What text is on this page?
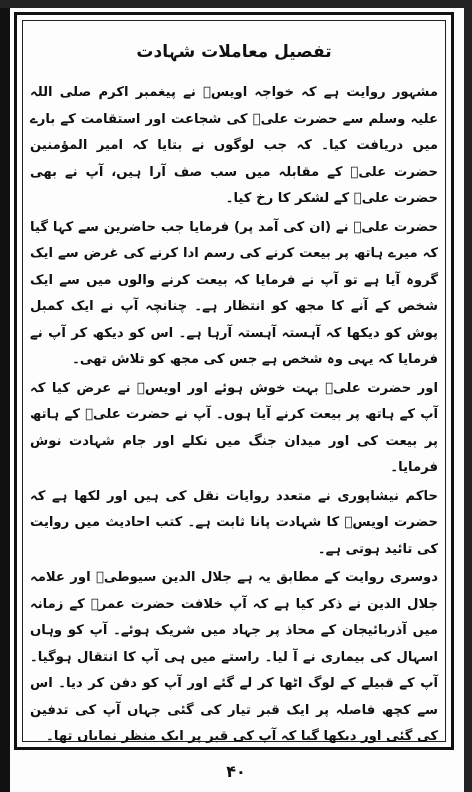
تفصیل معاملات شہادت

مشہور روایت ہے کہ خواجہ اویسؓ نے پیغمبر اکرم صلی اللہ علیہ وسلم سے حضرت علیؓ کی شجاعت اور استقامت کے بارے میں دریافت کیا۔ کہ جب لوگوں نے بتایا کہ امیر المؤمنین حضرت علیؓ کے مقابلہ میں سب صف آرا ہیں، آپ نے بھی حضرت علیؓ کے لشکر کا رخ کیا۔

حضرت علیؓ نے (ان کی آمد پر) فرمایا جب حاضرین سے کہا گیا کہ میرے ہاتھ پر بیعت کرنے کی رسم ادا کرنے کی غرض سے ایک گروہ آیا ہے تو آپ نے فرمایا کہ بیعت کرنے والوں میں سے ایک شخص کے آنے کا مجھ کو انتظار ہے۔ چنانچہ آپ نے ایک کمبل پوش کو دیکھا کہ آہستہ آہستہ آرہا ہے۔ اس کو دیکھ کر آپ نے فرمایا کہ یہی وہ شخص ہے جس کی مجھ کو تلاش تھی۔

اور حضرت علیؓ بہت خوش ہوئے اور اویسؓ نے عرض کیا کہ آپ کے ہاتھ پر بیعت کرنے آیا ہوں۔ آپ نے حضرت علیؓ کے ہاتھ پر بیعت کی اور میدان جنگ میں نکلے اور جام شہادت نوش فرمایا۔

حاکم نیشاپوری نے متعدد روایات نقل کی ہیں اور لکھا ہے کہ حضرت اویسؓ کا شہادت پانا ثابت ہے۔ کتب احادیث میں روایت کی تائید ہوتی ہے۔

دوسری روایت کے مطابق یہ ہے جلال الدین سیوطیؒ اور علامہ جلال الدین نے ذکر کیا ہے کہ آپ خلافت حضرت عمرؓ کے زمانہ میں آذربائیجان کے محاذ پر جہاد میں شریک ہوئے۔ آپ کو وہاں اسہال کی بیماری نے آ لیا۔ راستے میں ہی آپ کا انتقال ہوگیا۔ آپ کے قبیلے کے لوگ اٹھا کر لے گئے اور آپ کو دفن کر دیا۔ اس سے کچھ فاصلہ پر ایک قبر تیار کی گئی جہاں آپ کی تدفین کی گئی اور دیکھا گیا کہ آپ کی قبر پر ایک منظر نمایاں تھا۔

۴۰
